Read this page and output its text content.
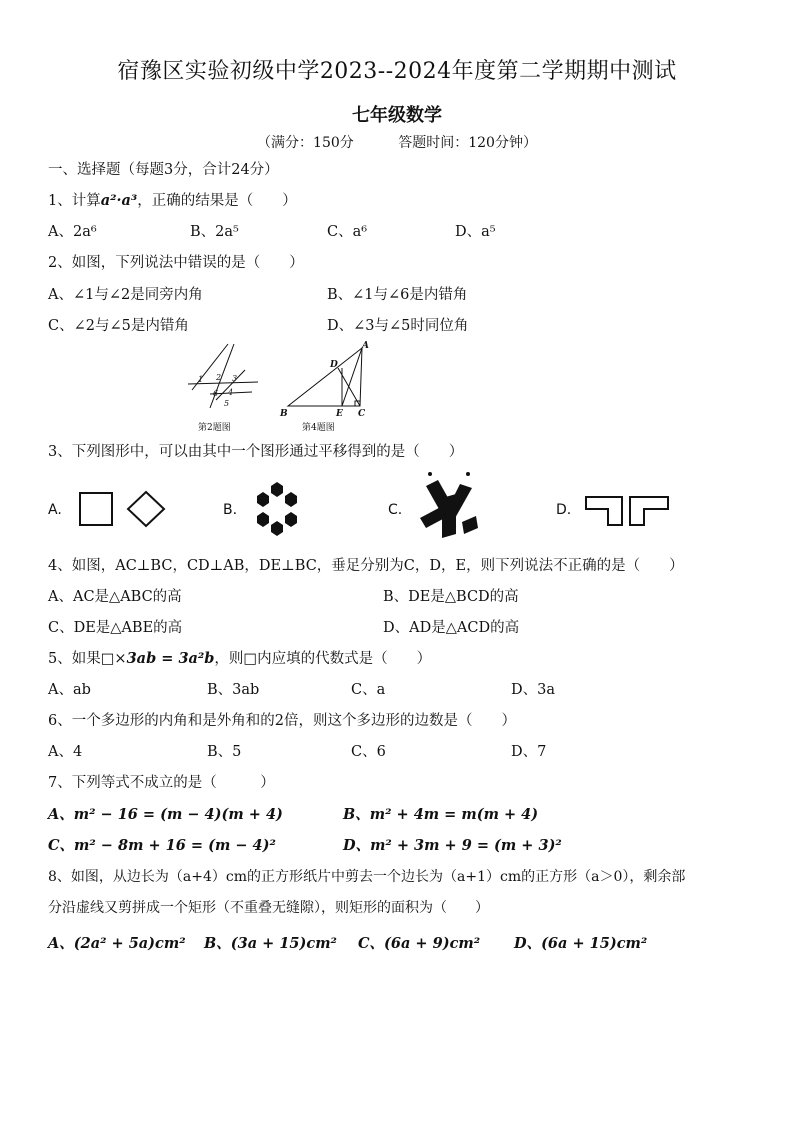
宿豫区实验初级中学2023--2024年度第二学期期中测试
七年级数学
（满分：150分	答题时间：120分钟）
一、选择题（每题3分，合计24分）
1、计算a²·a³，正确的结果是（　　）
A、2a⁶	B、2a⁵	C、a⁶	D、a⁵
2、如图，下列说法中错误的是（　　）
A、∠1与∠2是同旁内角	B、∠1与∠6是内错角
C、∠2与∠5是内错角	D、∠3与∠5时同位角
1 2 3
6 4
5
第2题图
A
D
B	E C
第4题图
3、下列图形中，可以由其中一个图形通过平移得到的是（　　）
A.	B.	C.	D.
4、如图，AC⊥BC，CD⊥AB，DE⊥BC，垂足分别为C，D，E，则下列说法不正确的是（　　）
A、AC是△ABC的高	B、DE是△BCD的高
C、DE是△ABE的高	D、AD是△ACD的高
5、如果□×3ab = 3a²b，则□内应填的代数式是（　　）
A、ab	B、3ab	C、a	D、3a
6、一个多边形的内角和是外角和的2倍，则这个多边形的边数是（　　）
A、4	B、5	C、6	D、7
7、下列等式不成立的是（　　　）
A、m² − 16 = (m − 4)(m + 4)	B、m² + 4m = m(m + 4)
C、m² − 8m + 16 = (m − 4)²	D、m² + 3m + 9 = (m + 3)²
8、如图，从边长为（a+4）cm的正方形纸片中剪去一个边长为（a+1）cm的正方形（a＞0），剩余部
分沿虚线又剪拼成一个矩形（不重叠无缝隙），则矩形的面积为（　　）
A、(2a² + 5a)cm² B、(3a + 15)cm² C、(6a + 9)cm² D、(6a + 15)cm²
